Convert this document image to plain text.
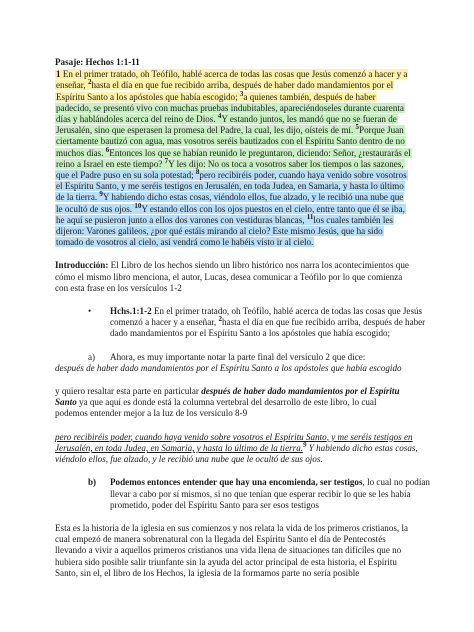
Pasaje: Hechos 1:1-11

1 En el primer tratado, oh Teófilo, hablé acerca de todas las cosas que Jesús comenzó a hacer y a
enseñar, $^2$hasta el día en que fue recibido arriba, después de haber dado mandamientos por el
Espíritu Santo a los apóstoles que había escogido; $^3$a quienes también, después de haber
padecido, se presentó vivo con muchas pruebas indubitables, apareciéndoseles durante cuarenta
días y hablándoles acerca del reino de Dios. $^4$Y estando juntos, les mandó que no se fueran de
Jerusalén, sino que esperasen la promesa del Padre, la cual, les dijo, oísteis de mí. $^5$Porque Juan
ciertamente bautizó con agua, mas vosotros seréis bautizados con el Espíritu Santo dentro de no
muchos días. $^6$Entonces los que se habían reunido le preguntaron, diciendo: Señor, ¿restaurarás el
reino a Israel en este tiempo? $^7$Y les dijo: No os toca a vosotros saber los tiempos o las sazones,
que el Padre puso en su sola potestad; $^8$pero recibiréis poder, cuando haya venido sobre vosotros
el Espíritu Santo, y me seréis testigos en Jerusalén, en toda Judea, en Samaria, y hasta lo último
de la tierra. $^9$Y habiendo dicho estas cosas, viéndolo ellos, fue alzado, y le recibió una nube que
le ocultó de sus ojos. $^{10}$Y estando ellos con los ojos puestos en el cielo, entre tanto que él se iba,
he aquí se pusieron junto a ellos dos varones con vestiduras blancas, $^{11}$los cuales también les
dijeron: Varones galileos, ¿por qué estáis mirando al cielo? Este mismo Jesús, que ha sido
tomado de vosotros al cielo, así vendrá como le habéis visto ir al cielo.

Introducción: El Libro de los hechos siendo un libro histórico nos narra los acontecimientos que
cómo el mismo libro menciona, el autor, Lucas, desea comunicar a Teófilo por lo que comienza
con esta frase en los versículos 1-2

•	Hchs.1:1-2 En el primer tratado, oh Teófilo, hablé acerca de todas las cosas que Jesús
comenzó a hacer y a enseñar, $^2$hasta el día en que fue recibido arriba, después de haber
dado mandamientos por el Espíritu Santo a los apóstoles que había escogido;
a)	Ahora, es muy importante notar la parte final del versículo 2 que dice:

después de haber dado mandamientos por el Espíritu Santo a los apóstoles que había escogido

y quiero resaltar esta parte en particular después de haber dado mandamientos por el Espíritu
Santo ya que aquí es donde está la columna vertebral del desarrollo de este libro, lo cual
podemos entender mejor a la luz de los versículo 8-9

pero recibiréis poder, cuando haya venido sobre vosotros el Espíritu Santo, y me seréis testigos en
Jerusalén, en toda Judea, en Samaria, y hasta lo último de la tierra.$^9$ Y habiendo dicho estas cosas,
viéndolo ellos, fue alzado, y le recibió una nube que le ocultó de sus ojos.

b)	Podemos entonces entender que hay una encomienda, ser testigos, lo cual no podían
llevar a cabo por sí mismos, si no que tenían que esperar recibir lo que se les había
prometido, poder del Espíritu Santo para ser esos testigos

Esta es la historia de la iglesia en sus comienzos y nos relata la vida de los primeros cristianos, la
cual empezó de manera sobrenatural con la llegada del Espíritu Santo el día de Pentecostés
llevando a vivir a aquellos primeros cristianos una vida llena de situaciones tan difíciles que no
hubiera sido posible salir triunfante sin la ayuda del actor principal de esta historia, el Espíritu
Santo, sin el, el libro de los Hechos, la iglesia de la formamos parte no sería posible
